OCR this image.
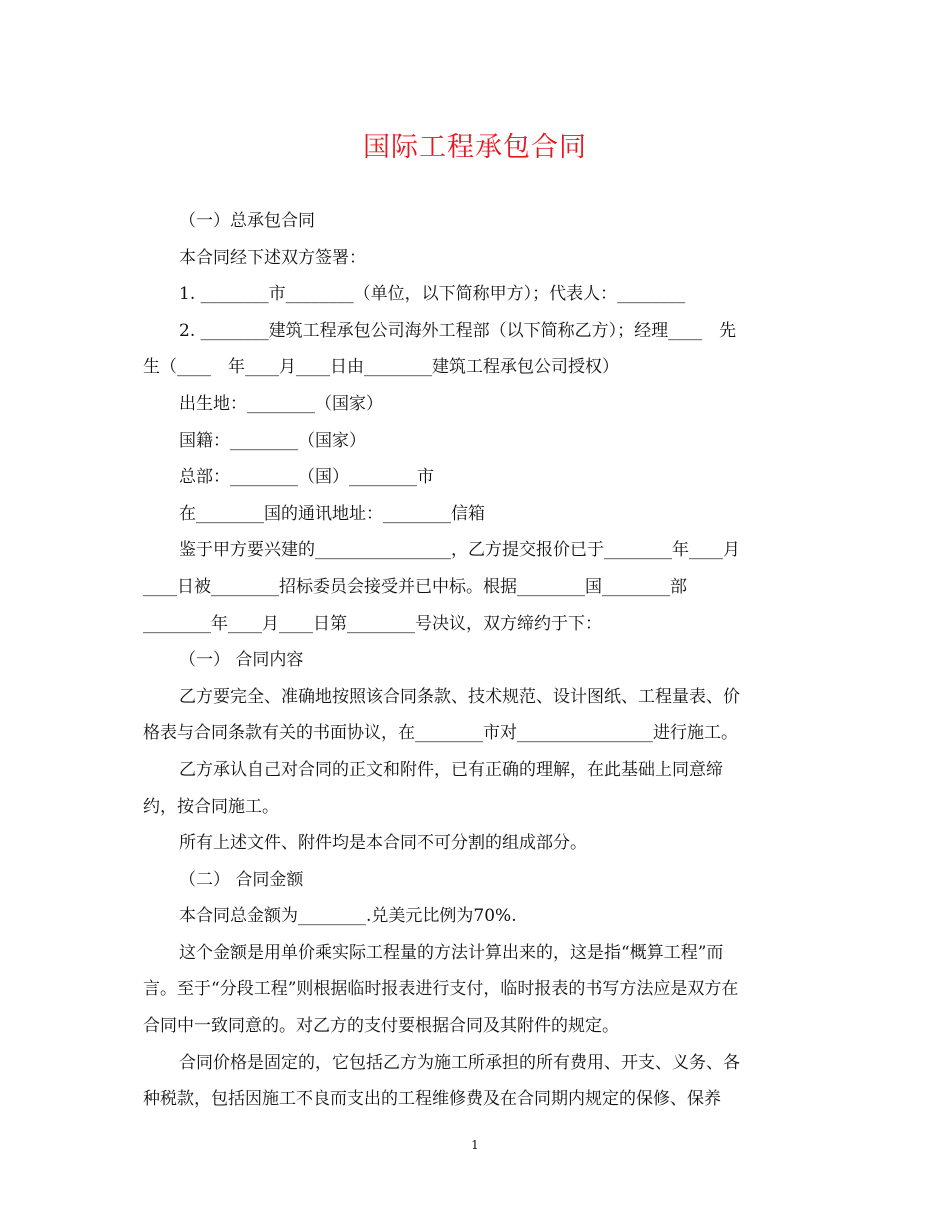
国际工程承包合同

（一）总承包合同

本合同经下述双方签署：

1. ________市________（单位，以下简称甲方）；代表人：________

2. ________建筑工程承包公司海外工程部（以下简称乙方）；经理____　先

生（____　年____月____日由________建筑工程承包公司授权）

出生地：________（国家）

国籍：________（国家）

总部：________（国）________市

在________国的通讯地址：________信箱

鉴于甲方要兴建的________________，乙方提交报价已于________年____月

____日被________招标委员会接受并已中标。根据________国________部

________年____月____日第________号决议，双方缔约于下：

（一） 合同内容

乙方要完全、准确地按照该合同条款、技术规范、设计图纸、工程量表、价

格表与合同条款有关的书面协议，在________市对________________进行施工。

乙方承认自己对合同的正文和附件，已有正确的理解，在此基础上同意缔

约，按合同施工。

所有上述文件、附件均是本合同不可分割的组成部分。

（二） 合同金额

本合同总金额为________.兑美元比例为70%.

这个金额是用单价乘实际工程量的方法计算出来的，这是指“概算工程”而

言。至于“分段工程”则根据临时报表进行支付，临时报表的书写方法应是双方在

合同中一致同意的。对乙方的支付要根据合同及其附件的规定。

合同价格是固定的，它包括乙方为施工所承担的所有费用、开支、义务、各

种税款，包括因施工不良而支出的工程维修费及在合同期内规定的保修、保养

1
